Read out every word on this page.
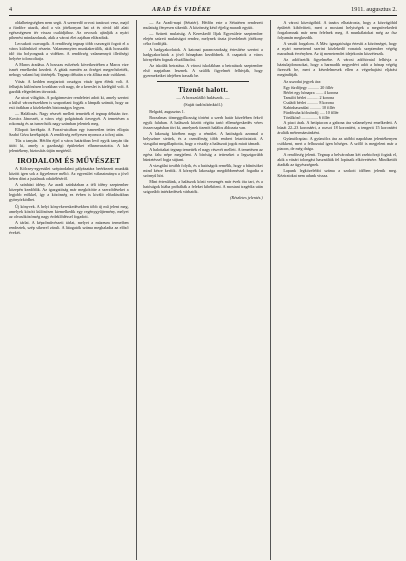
4	ARAD ÉS VIDÉKE	1911. augusztus 2.

oldalbetegségben nem segít. A szenvedő orvosi tanácsot vesz, majd a fürdőre utazik, ahol a víz jótékonyan hat rá és rövid idő alatt egészségesen tér vissza családjához. Az orvosok ajánlják a nyári pihenést mindazoknak, akik a városi élet zajában elfáradtak.

Lecsukott csavargók. A rendőrség tegnap több csavargót fogott el a város különböző részein. Valamennyien munkakerülők, akik hosszabb idő óta bolyongnak a vidéken. A rendőrség valamennyit illetőségi helyére toloncoltatja.

A Maros áradása. A hosszas esőzések következtében a Maros vize ismét emelkedni kezdett. A gátak mentén az őrséget megerősítették, nehogy valami baj történjék. Tegnap délután a víz állása már csökkent.

Vásár. A kedden megtartott országos vásár igen élénk volt. A felhajtás különösen lovakban volt nagy, de a kereslet is kielégítő volt. A gazdák elégedetten távoztak.

Az utcai világítás. A polgármester rendeletet adott ki, amely szerint a külső városrészekben is szaporítani fogják a lámpák számát, hogy az esti órákban a közlekedés biztonságos legyen.

— Halálozás. Nagy részvét mellett temették el tegnap délután özv. Kovács Jánosnét, a város régi polgárának özvegyét. A temetésen a rokonság és az ismerősök nagy számban jelentek meg.

Ellopott kerékpár. A Forrai-utcában egy ismeretlen tettes ellopta Szabó Géza kerékpárját. A rendőrség erélyesen nyomoz a tolvaj után.

Tűz a tanyán. Hétfőn éjjel a város határában levő egyik tanyán tűz ütött ki, amely a gazdasági épületeket elhamvasztotta. A kár jelentékeny, biztosítás útján megtérül.

IRODALOM ÉS MŰVÉSZET

A Kölcsey-egyesület szépirodalmi pályázatára beérkezett munkák között igen sok a figyelemre méltó. Az egyesület választmánya a jövő héten dönt a jutalmak odaítéléséről.

A színházi idény. Az aradi színházban a téli idény szeptember közepén kezdődik. Az igazgatóság már megkötötte a szerződéseket a legjobb erőkkel, így a közönség ez évben is kiváló előadásokban gyönyörködhet.

Új könyvek. A helyi könyvkereskedésekben több új mű jelent meg, amelyek között különösen kiemelkedik egy regénygyűjtemény, melyet az olvasóközönség nagy érdeklődéssel fogadott.

A tárlat. A képzőművészeti tárlat, melyet a múzeum termeiben rendeztek, szép sikerrel zárult. A látogatók száma meghaladta az előző évekét.

— Az Aradi-napi (Sétatér). Hétfőn este a Sétatéren rendezett mulatság fényesen sikerült. A közönség késő éjjelig maradt együtt.

— Szüreti mulatság. A Kereskedő Ifjak Egyesülete szeptember elején szüreti mulatságot rendez, melynek tiszta jövedelmét jótékony célra fordítják.

A hadgyakorlatok. A katonai parancsnokság értesítése szerint a hadgyakorlatok a jövő hónapban kezdődnek. A csapatok a város környékén fognak elszállásolni.

Az iskolák beiratása. A városi iskolákban a beiratások szeptember első napjaiban lesznek. A szülők figyelmét felhívják, hogy gyermekeiket idejében írassák be.

Tizenöt halott.
— A bosszúálló halászok. —
(Saját tudósítónktól.)

Belgrád, augusztus 1.

Borzalmas tömeggyilkosság történt a szerb határ közelében fekvő egyik faluban. A halászok között régóta tartó ellenségeskedés véres összecsapásban tört ki, amelynek tizenöt halálos áldozata van.

A lakosság körében nagy a rémület. A hatóságok azonnal a helyszínre siettek, és a csendőrség több embert letartóztatott. A vizsgálat megállapította, hogy a viszály a halászati jogok miatt támadt.

A halottakat tegnap temették el nagy részvét mellett. A temetésen az egész falu népe megjelent. A bíróság a tetteseket a legszigorúbb büntetéssel fogja sújtani.

A vizsgálat tovább folyik, és a hatóságok remélik, hogy a bűnösöket mind kézre kerítik. A környék lakossága megdöbbenéssel fogadta a szörnyű hírt.

Mint értesülünk, a halászok közti versengés már évek óta tart, és a hatóságok hiába próbálták a feleket kibékíteni. A mostani tragédia után szigorúbb intézkedések várhatók.

(Részletes jelentés.)

A városi közvágóhíd. A tanács elhatározta, hogy a közvágóhíd épületét kibővítteti, mert a mostani helyiségek a megnövekedett forgalomnak már nem felelnek meg. A munkálatokat még az ősz folyamán megkezdik.

A vasúti forgalom. A Máv. igazgatósága értesíti a közönséget, hogy a nyári menetrend szerint közlekedő vonatok szeptember végéig maradnak érvényben. Az új menetrendet idejekorán közzéteszik.

Az adófizetők figyelmébe. A városi adóhivatal felhívja a háztulajdonosokat, hogy a harmadik negyedévi adót a hónap végéig fizessék be, mert a késedelmesek ellen a végrehajtási eljárást megindítják.

Az uszodai jegyek ára:

Egy fürdőjegy ........... 20 fillér
Bérlet egy hónapra ....... 4 korona
Tanulói bérlet ........... 2 korona
Családi bérlet ........... 8 korona
Kabinhasználat ........... 10 fillér
Fürdőruha kölcsöndíj ..... 10 fillér
Törülköző ................ 6 fillér

A piaci árak. A hetipiacon a gabona ára valamelyest emelkedett. A búzát 22–23 koronáért, a rozsot 18 koronáért, a tengerit 15 koronáért árulták métermázsánként.

Gyümölcspiac. A gyümölcs ára az utóbbi napokban jelentékenyen csökkent, mert a felhozatal igen bőséges. A szőlő is megjelent már a piacon, de még drága.

A rendőrség jelenti. Tegnap a belvárosban két zsebtolvajt fogtak el, akik a vásári tolongást használták fel lopásaik elkövetésére. Mindkettőt átadták az ügyészségnek.

Lapunk legközelebbi száma a szokott időben jelenik meg. Kéziratokat nem adunk vissza.
